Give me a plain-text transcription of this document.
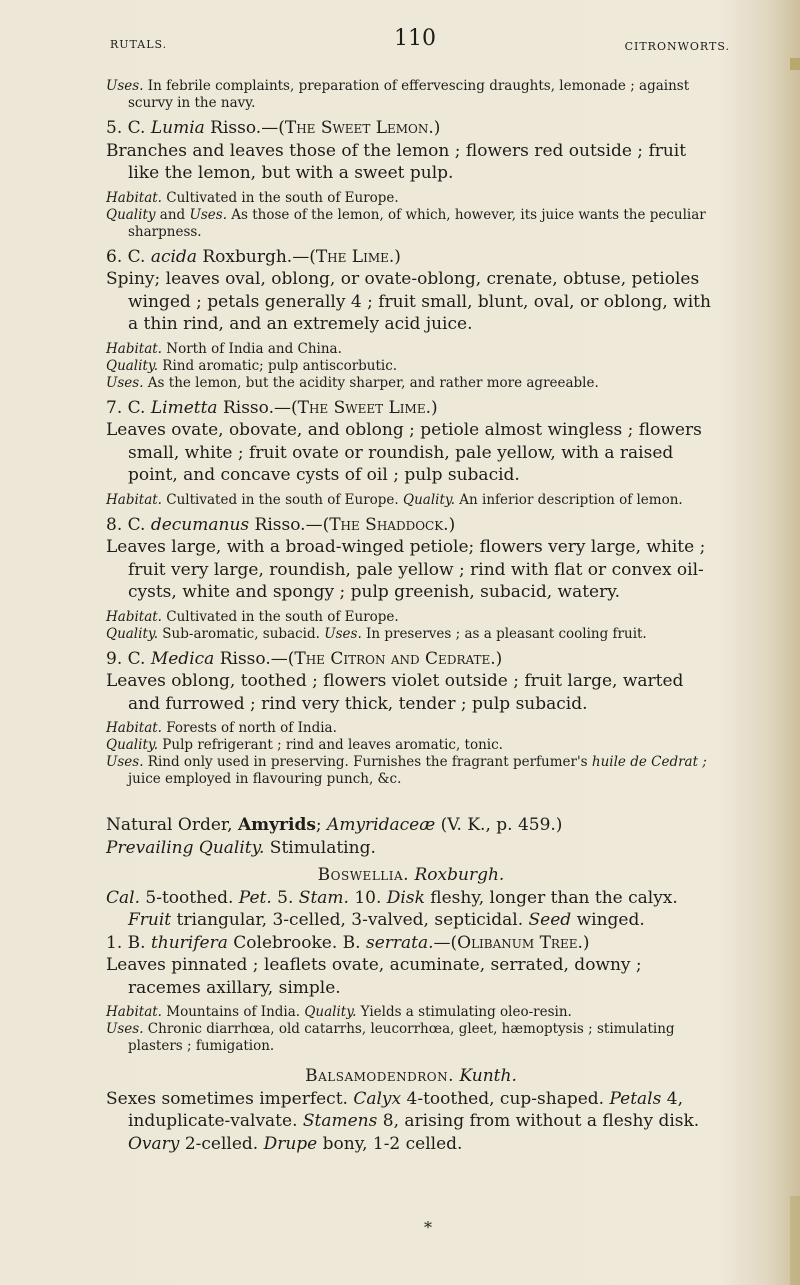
RUTALS.	110	CITRONWORTS.

Uses. In febrile complaints, preparation of effervescing draughts, lemonade ; against scurvy in the navy.

5. C. Lumia Risso.—(The Sweet Lemon.)

Branches and leaves those of the lemon ; flowers red outside ; fruit like the lemon, but with a sweet pulp.

Habitat. Cultivated in the south of Europe.

Quality and Uses. As those of the lemon, of which, however, its juice wants the peculiar sharpness.

6. C. acida Roxburgh.—(The Lime.)

Spiny; leaves oval, oblong, or ovate-oblong, crenate, obtuse, petioles winged ; petals generally 4 ; fruit small, blunt, oval, or oblong, with a thin rind, and an extremely acid juice.

Habitat. North of India and China.

Quality. Rind aromatic; pulp antiscorbutic.

Uses. As the lemon, but the acidity sharper, and rather more agreeable.

7. C. Limetta Risso.—(The Sweet Lime.)

Leaves ovate, obovate, and oblong ; petiole almost wingless ; flowers small, white ; fruit ovate or roundish, pale yellow, with a raised point, and concave cysts of oil ; pulp subacid.

Habitat. Cultivated in the south of Europe. Quality. An inferior description of lemon.

8. C. decumanus Risso.—(The Shaddock.)

Leaves large, with a broad-winged petiole; flowers very large, white ; fruit very large, roundish, pale yellow ; rind with flat or convex oil-cysts, white and spongy ; pulp greenish, subacid, watery.

Habitat. Cultivated in the south of Europe.

Quality. Sub-aromatic, subacid. Uses. In preserves ; as a pleasant cooling fruit.

9. C. Medica Risso.—(The Citron and Cedrate.)

Leaves oblong, toothed ; flowers violet outside ; fruit large, warted and furrowed ; rind very thick, tender ; pulp subacid.

Habitat. Forests of north of India.

Quality. Pulp refrigerant ; rind and leaves aromatic, tonic.

Uses. Rind only used in preserving. Furnishes the fragrant perfumer's huile de Cedrat ; juice employed in flavouring punch, &c.

Natural Order, Amyrids; Amyridaceæ (V. K., p. 459.)

Prevailing Quality. Stimulating.

Boswellia. Roxburgh.

Cal. 5-toothed. Pet. 5. Stam. 10. Disk fleshy, longer than the calyx. Fruit triangular, 3-celled, 3-valved, septicidal. Seed winged.

1. B. thurifera Colebrooke. B. serrata.—(Olibanum Tree.)

Leaves pinnated ; leaflets ovate, acuminate, serrated, downy ; racemes axillary, simple.

Habitat. Mountains of India. Quality. Yields a stimulating oleo-resin.

Uses. Chronic diarrhœa, old catarrhs, leucorrhœa, gleet, hæmoptysis ; stimulating plasters ; fumigation.

Balsamodendron. Kunth.

Sexes sometimes imperfect. Calyx 4-toothed, cup-shaped. Petals 4, induplicate-valvate. Stamens 8, arising from without a fleshy disk. Ovary 2-celled. Drupe bony, 1-2 celled.

*
